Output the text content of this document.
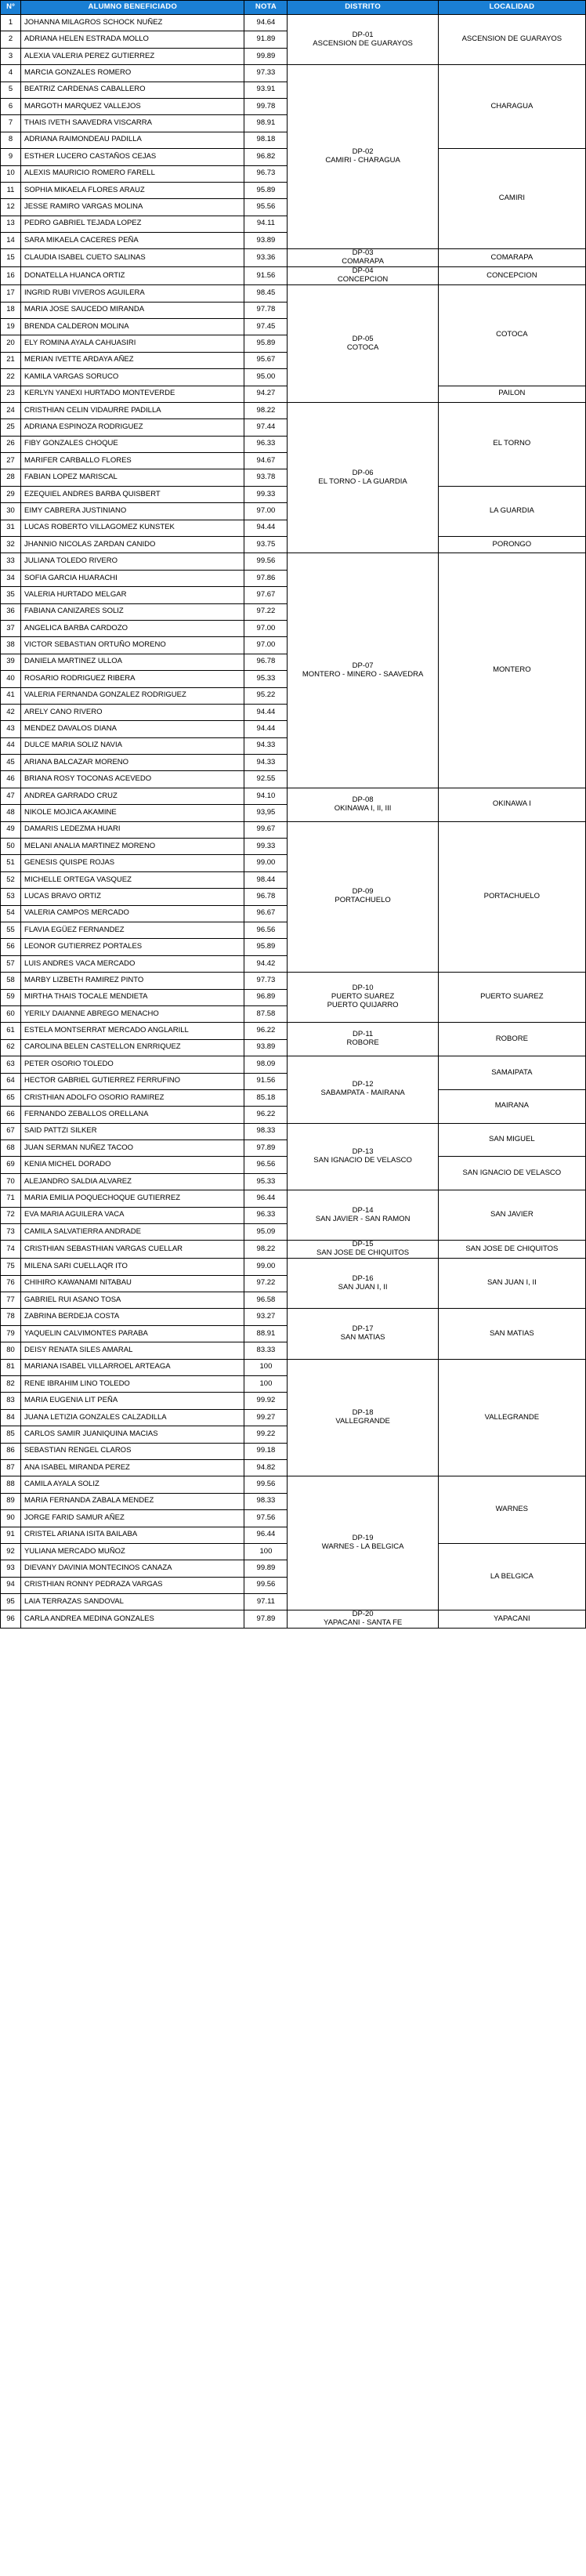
Nº	ALUMNO BENEFICIADO	NOTA	DISTRITO	LOCALIDAD
1	JOHANNA MILAGROS SCHOCK NUÑEZ	94.64	DP-01
ASCENSION DE GUARAYOS	ASCENSION DE GUARAYOS
2	ADRIANA HELEN ESTRADA MOLLO	91.89		
3	ALEXIA VALERIA PEREZ GUTIERREZ	99.89		
4	MARCIA GONZALES ROMERO	97.33	DP-02
CAMIRI - CHARAGUA	CHARAGUA
5	BEATRIZ CARDENAS CABALLERO	93.91		
6	MARGOTH MARQUEZ VALLEJOS	99.78		
7	THAIS IVETH SAAVEDRA VISCARRA	98.91		
8	ADRIANA RAIMONDEAU PADILLA	98.18		
9	ESTHER LUCERO CASTAÑOS CEJAS	96.82		CAMIRI
10	ALEXIS MAURICIO ROMERO FARELL	96.73		
11	SOPHIA MIKAELA FLORES ARAUZ	95.89		
12	JESSE RAMIRO VARGAS MOLINA	95.56		
13	PEDRO GABRIEL TEJADA LOPEZ	94.11		
14	SARA MIKAELA CACERES PEÑA	93.89		
15	CLAUDIA ISABEL CUETO SALINAS	93.36	DP-03
COMARAPA	COMARAPA
16	DONATELLA HUANCA ORTIZ	91.56	DP-04
CONCEPCION	CONCEPCION
17	INGRID RUBI VIVEROS AGUILERA	98.45	DP-05
COTOCA	COTOCA
18	MARIA JOSE SAUCEDO MIRANDA	97.78		
19	BRENDA CALDERON MOLINA	97.45		
20	ELY ROMINA AYALA CAHUASIRI	95.89		
21	MERIAN IVETTE ARDAYA AÑEZ	95.67		
22	KAMILA VARGAS SORUCO	95.00		
23	KERLYN YANEXI HURTADO MONTEVERDE	94.27		PAILON
24	CRISTHIAN CELIN VIDAURRE PADILLA	98.22	DP-06
EL TORNO - LA GUARDIA	EL TORNO
25	ADRIANA ESPINOZA RODRIGUEZ	97.44		
26	FIBY GONZALES CHOQUE	96.33		
27	MARIFER CARBALLO FLORES	94.67		
28	FABIAN LOPEZ MARISCAL	93.78		
29	EZEQUIEL ANDRES BARBA QUISBERT	99.33		LA GUARDIA
30	EIMY CABRERA JUSTINIANO	97.00		
31	LUCAS ROBERTO VILLAGOMEZ KUNSTEK	94.44		
32	JHANNIO NICOLAS ZARDAN CANIDO	93.75		PORONGO
33	JULIANA TOLEDO RIVERO	99.56	DP-07
MONTERO - MINERO - SAAVEDRA	MONTERO
34	SOFIA GARCIA HUARACHI	97.86		
35	VALERIA HURTADO MELGAR	97.67		
36	FABIANA CANIZARES SOLIZ	97.22		
37	ANGELICA BARBA CARDOZO	97.00		
38	VICTOR SEBASTIAN ORTUÑO MORENO	97.00		
39	DANIELA MARTINEZ ULLOA	96.78		
40	ROSARIO RODRIGUEZ RIBERA	95.33		
41	VALERIA FERNANDA GONZALEZ RODRIGUEZ	95.22		
42	ARELY CANO RIVERO	94.44		
43	MENDEZ DAVALOS DIANA	94.44		
44	DULCE MARIA SOLIZ NAVIA	94.33		
45	ARIANA BALCAZAR MORENO	94.33		
46	BRIANA ROSY TOCONAS ACEVEDO	92.55		
47	ANDREA GARRADO CRUZ	94.10	DP-08
OKINAWA I, II, III	OKINAWA I
48	NIKOLE MOJICA AKAMINE	93,95		
49	DAMARIS LEDEZMA HUARI	99.67	DP-09
PORTACHUELO	PORTACHUELO
50	MELANI ANALIA MARTINEZ MORENO	99.33		
51	GENESIS QUISPE ROJAS	99.00		
52	MICHELLE ORTEGA VASQUEZ	98.44		
53	LUCAS BRAVO ORTIZ	96.78		
54	VALERIA CAMPOS MERCADO	96.67		
55	FLAVIA EGÜEZ FERNANDEZ	96.56		
56	LEONOR GUTIERREZ PORTALES	95.89		
57	LUIS ANDRES VACA MERCADO	94.42		
58	MARBY LIZBETH RAMIREZ PINTO	97.73	DP-10
PUERTO SUAREZ
PUERTO QUIJARRO	PUERTO SUAREZ
59	MIRTHA THAIS TOCALE MENDIETA	96.89		
60	YERILY DAIANNE ABREGO MENACHO	87.58		
61	ESTELA MONTSERRAT MERCADO ANGLARILL	96.22	DP-11
ROBORE	ROBORE
62	CAROLINA BELEN CASTELLON ENRRIQUEZ	93.89		
63	PETER OSORIO TOLEDO	98.09	DP-12
SABAMPATA - MAIRANA	SAMAIPATA
64	HECTOR GABRIEL GUTIERREZ FERRUFINO	91.56		
65	CRISTHIAN ADOLFO OSORIO RAMIREZ	85.18		MAIRANA
66	FERNANDO ZEBALLOS ORELLANA	96.22		
67	SAID PATTZI SILKER	98.33	DP-13
SAN IGNACIO DE VELASCO	SAN MIGUEL
68	JUAN SERMAN NUÑEZ TACOO	97.89		
69	KENIA MICHEL DORADO	96.56		SAN IGNACIO DE VELASCO
70	ALEJANDRO SALDIA ALVAREZ	95.33		
71	MARIA EMILIA POQUECHOQUE GUTIERREZ	96.44	DP-14
SAN JAVIER - SAN RAMON	SAN JAVIER
72	EVA MARIA AGUILERA VACA	96.33		
73	CAMILA SALVATIERRA ANDRADE	95.09		
74	CRISTHIAN SEBASTHIAN VARGAS CUELLAR	98.22	DP-15
SAN JOSE DE CHIQUITOS	SAN JOSE DE CHIQUITOS
75	MILENA SARI CUELLAQR ITO	99.00	DP-16
SAN JUAN I, II	SAN JUAN I, II
76	CHIHIRO KAWANAMI NITABAU	97.22		
77	GABRIEL RUI ASANO TOSA	96.58		
78	ZABRINA BERDEJA COSTA	93.27	DP-17
SAN MATIAS	SAN MATIAS
79	YAQUELIN CALVIMONTES PARABA	88.91		
80	DEISY RENATA SILES AMARAL	83.33		
81	MARIANA ISABEL VILLARROEL ARTEAGA	100	DP-18
VALLEGRANDE	VALLEGRANDE
82	RENE IBRAHIM LINO TOLEDO	100		
83	MARIA EUGENIA LIT PEÑA	99.92		
84	JUANA LETIZIA GONZALES CALZADILLA	99.27		
85	CARLOS SAMIR JUANIQUINA MACIAS	99.22		
86	SEBASTIAN RENGEL CLAROS	99.18		
87	ANA ISABEL MIRANDA PEREZ	94.82		
88	CAMILA AYALA SOLIZ	99.56	DP-19
WARNES - LA BELGICA	WARNES
89	MARIA FERNANDA ZABALA MENDEZ	98.33		
90	JORGE FARID SAMUR AÑEZ	97.56		
91	CRISTEL ARIANA ISITA BAILABA	96.44		
92	YULIANA MERCADO MUÑOZ	100		LA BELGICA
93	DIEVANY DAVINIA MONTECINOS CANAZA	99.89		
94	CRISTHIAN RONNY PEDRAZA VARGAS	99.56		
95	LAIA TERRAZAS SANDOVAL	97.11		
96	CARLA ANDREA MEDINA GONZALES	97.89	DP-20
YAPACANI - SANTA FE	YAPACANI
